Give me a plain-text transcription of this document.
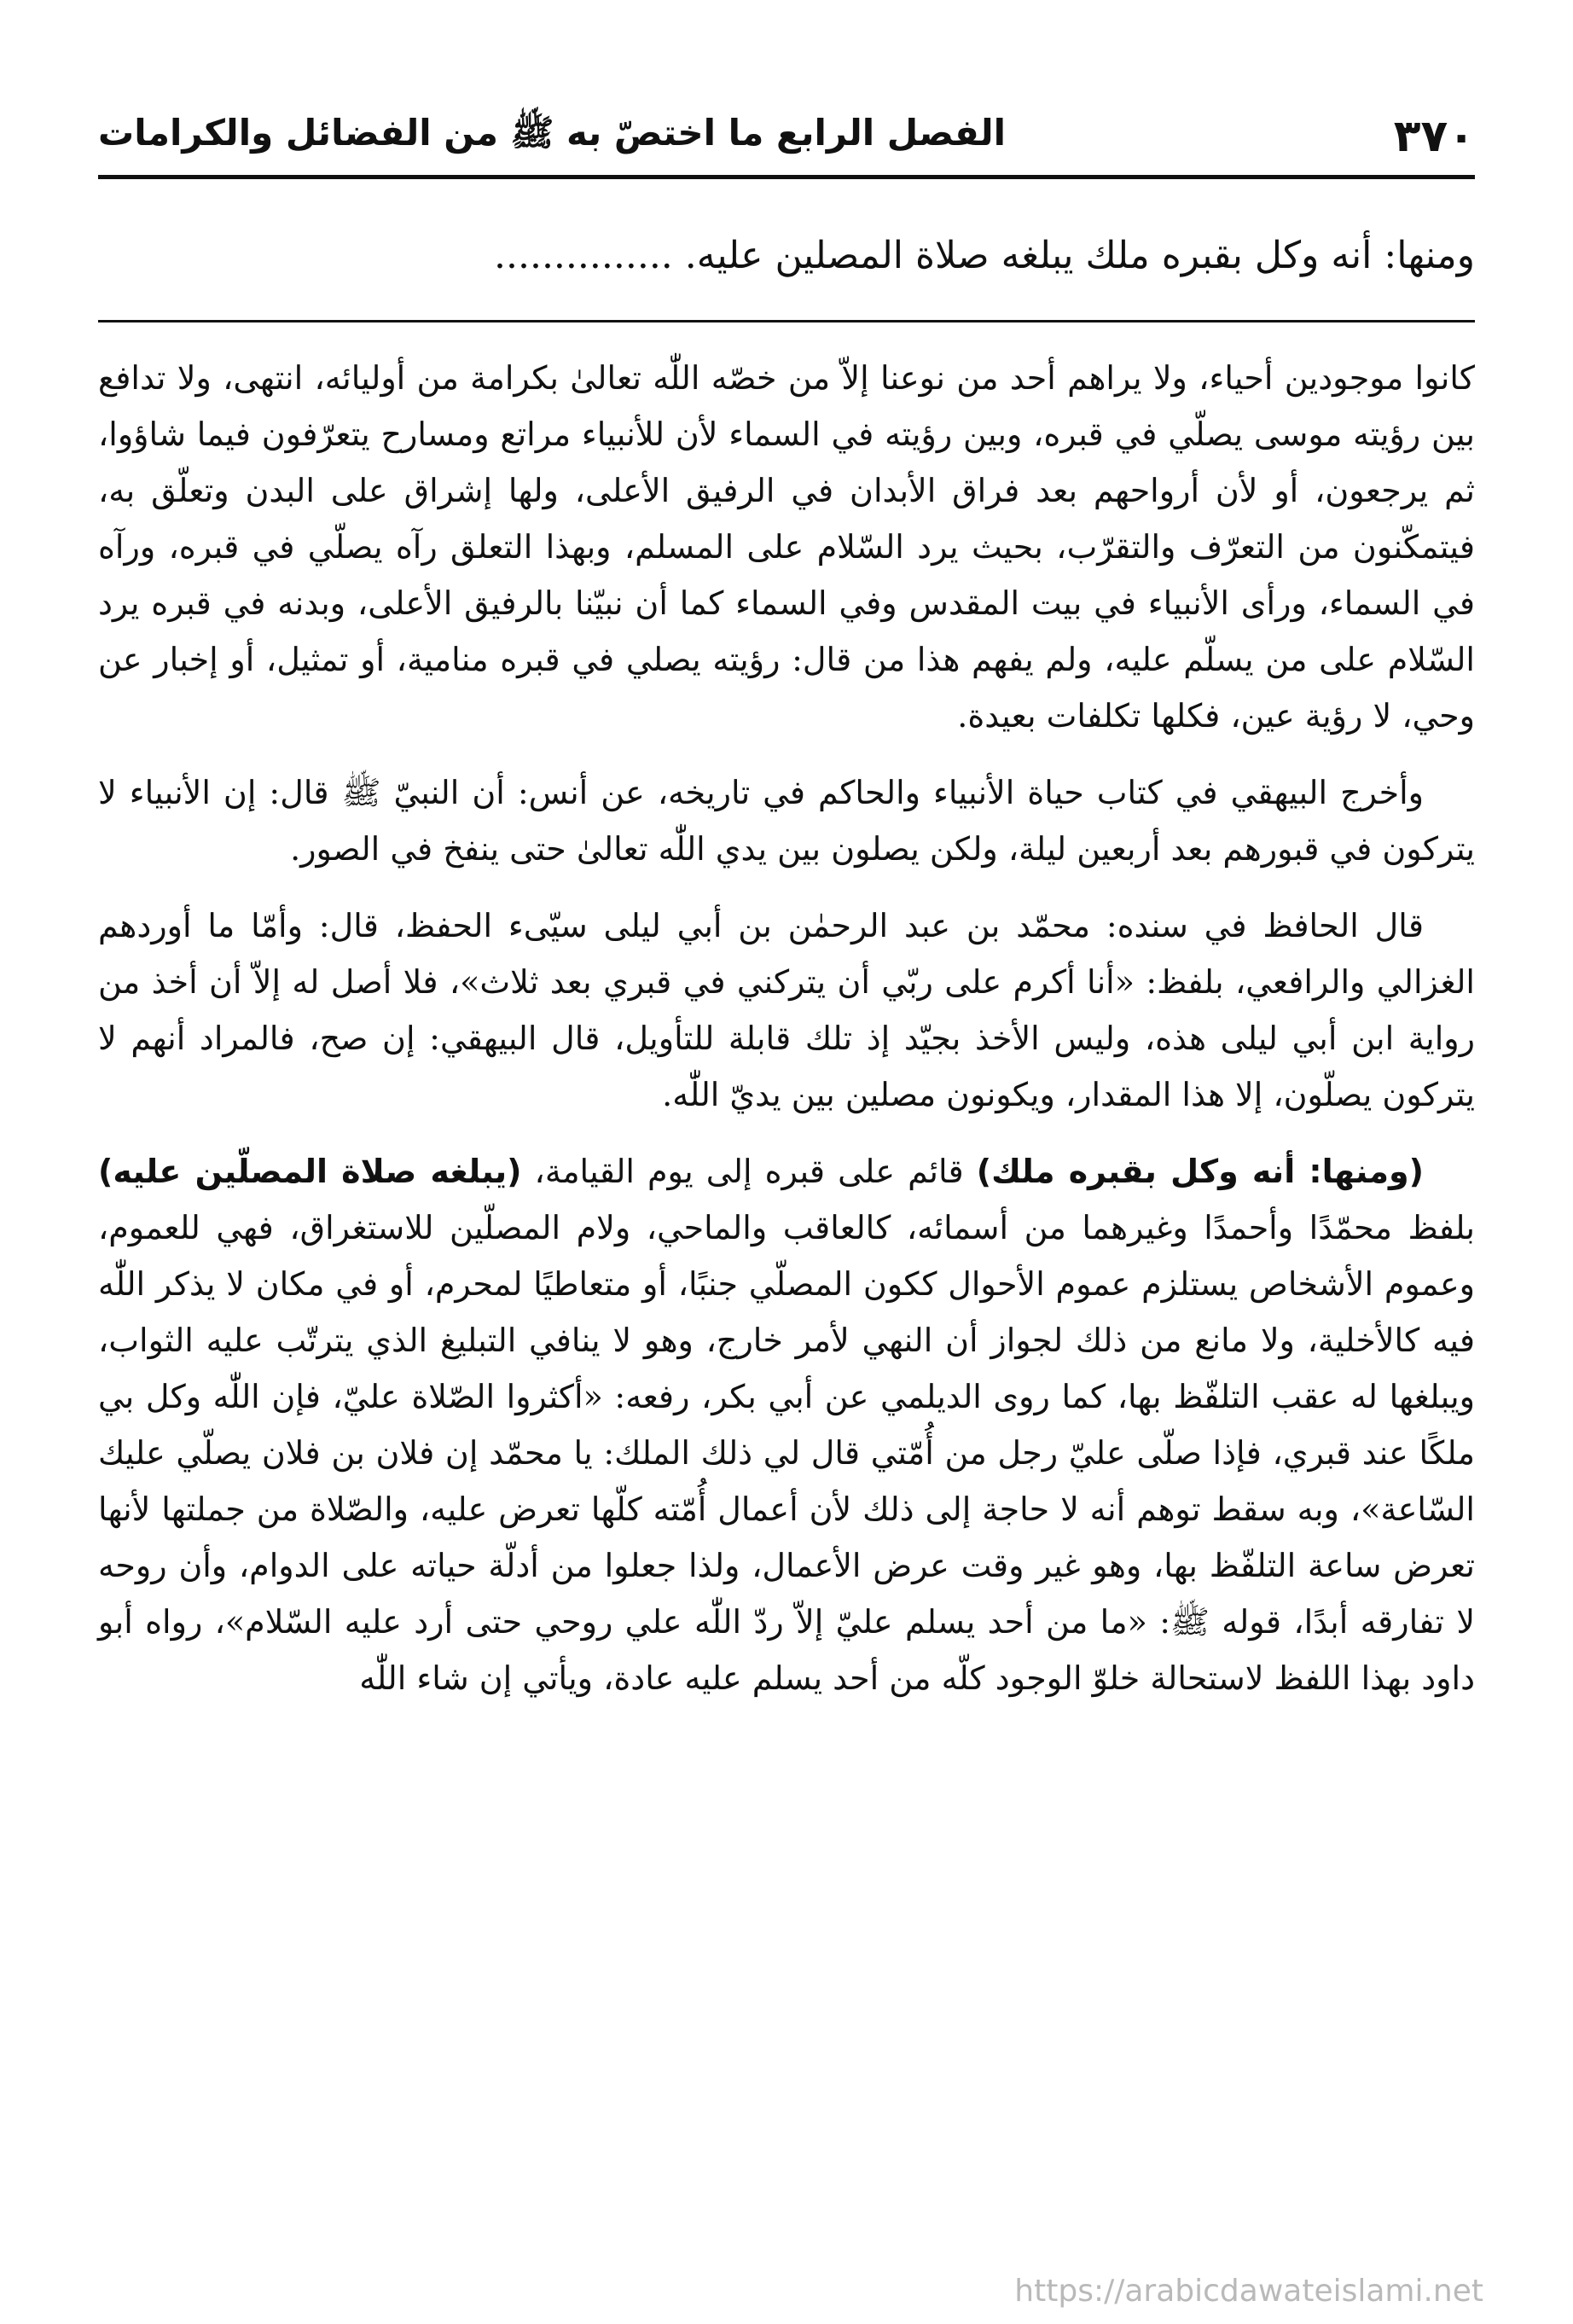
٣٧٠
الفصل الرابع ما اختصّ به ﷺ من الفضائل والكرامات
ومنها: أنه وكل بقبره ملك يبلغه صلاة المصلين عليه. ...............

كانوا موجودين أحياء، ولا يراهم أحد من نوعنا إلاّ من خصّه اللّٰه تعالىٰ بكرامة من أوليائه، انتهى، ولا تدافع بين رؤيته موسى يصلّي في قبره، وبين رؤيته في السماء لأن للأنبياء مراتع ومسارح يتعرّفون فيما شاؤوا، ثم يرجعون، أو لأن أرواحهم بعد فراق الأبدان في الرفيق الأعلى، ولها إشراق على البدن وتعلّق به، فيتمكّنون من التعرّف والتقرّب، بحيث يرد السّلام على المسلم، وبهذا التعلق رآه يصلّي في قبره، ورآه في السماء، ورأى الأنبياء في بيت المقدس وفي السماء كما أن نبيّنا بالرفيق الأعلى، وبدنه في قبره يرد السّلام على من يسلّم عليه، ولم يفهم هذا من قال: رؤيته يصلي في قبره منامية، أو تمثيل، أو إخبار عن وحي، لا رؤية عين، فكلها تكلفات بعيدة.

وأخرج البيهقي في كتاب حياة الأنبياء والحاكم في تاريخه، عن أنس: أن النبيّ ﷺ قال: إن الأنبياء لا يتركون في قبورهم بعد أربعين ليلة، ولكن يصلون بين يدي اللّٰه تعالىٰ حتى ينفخ في الصور.

قال الحافظ في سنده: محمّد بن عبد الرحمٰن بن أبي ليلى سيّىء الحفظ، قال: وأمّا ما أوردهم الغزالي والرافعي، بلفظ: «أنا أكرم على ربّي أن يتركني في قبري بعد ثلاث»، فلا أصل له إلاّ أن أخذ من رواية ابن أبي ليلى هذه، وليس الأخذ بجيّد إذ تلك قابلة للتأويل، قال البيهقي: إن صح، فالمراد أنهم لا يتركون يصلّون، إلا هذا المقدار، ويكونون مصلين بين يديّ اللّٰه.

(ومنها: أنه وكل بقبره ملك) قائم على قبره إلى يوم القيامة، (يبلغه صلاة المصلّين عليه) بلفظ محمّدًا وأحمدًا وغيرهما من أسمائه، كالعاقب والماحي، ولام المصلّين للاستغراق، فهي للعموم، وعموم الأشخاص يستلزم عموم الأحوال ككون المصلّي جنبًا، أو متعاطيًا لمحرم، أو في مكان لا يذكر اللّٰه فيه كالأخلية، ولا مانع من ذلك لجواز أن النهي لأمر خارج، وهو لا ينافي التبليغ الذي يترتّب عليه الثواب، ويبلغها له عقب التلفّظ بها، كما روى الديلمي عن أبي بكر، رفعه: «أكثروا الصّلاة عليّ، فإن اللّٰه وكل بي ملكًا عند قبري، فإذا صلّى عليّ رجل من أُمّتي قال لي ذلك الملك: يا محمّد إن فلان بن فلان يصلّي عليك السّاعة»، وبه سقط توهم أنه لا حاجة إلى ذلك لأن أعمال أُمّته كلّها تعرض عليه، والصّلاة من جملتها لأنها تعرض ساعة التلفّظ بها، وهو غير وقت عرض الأعمال، ولذا جعلوا من أدلّة حياته على الدوام، وأن روحه لا تفارقه أبدًا، قوله ﷺ: «ما من أحد يسلم عليّ إلاّ ردّ اللّٰه علي روحي حتى أرد عليه السّلام»، رواه أبو داود بهذا اللفظ لاستحالة خلوّ الوجود كلّه من أحد يسلم عليه عادة، ويأتي إن شاء اللّٰه

https://arabicdawateislami.net
